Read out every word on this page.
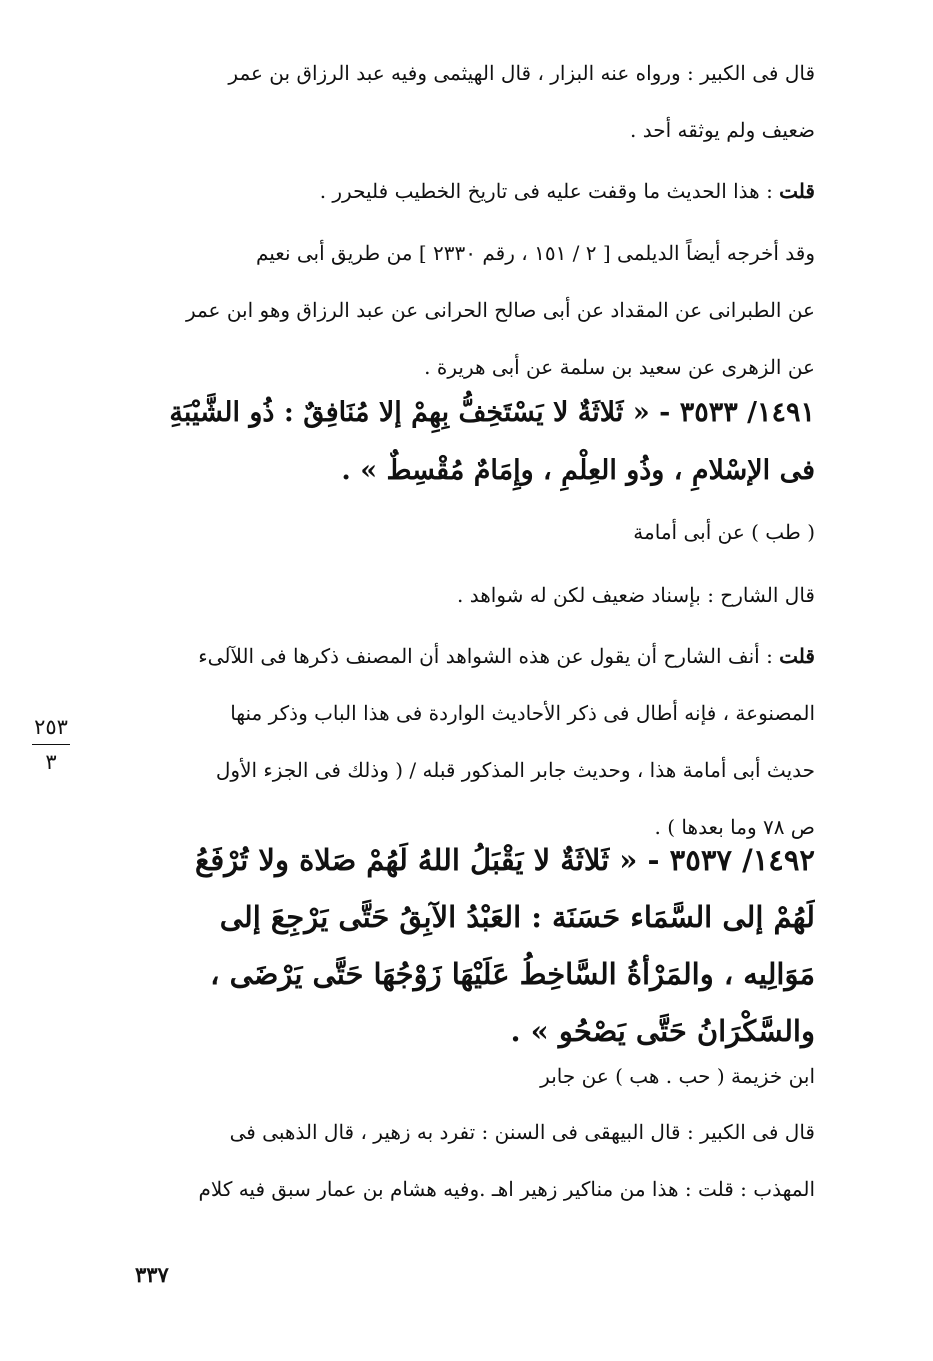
قال فى الكبير : ورواه عنه البزار ، قال الهيثمى وفيه عبد الرزاق بن عمر
ضعيف ولم يوثقه أحد .
قلت : هذا الحديث ما وقفت عليه فى تاريخ الخطيب فليحرر .
وقد أخرجه أيضاً الديلمى [ ٢ / ١٥١ ، رقم ٢٣٣٠ ] من طريق أبى نعيم
عن الطبرانى عن المقداد عن أبى صالح الحرانى عن عبد الرزاق وهو ابن عمر
عن الزهرى عن سعيد بن سلمة عن أبى هريرة .
١٤٩١/ ٣٥٣٣ - « ثَلاثَةٌ لا يَسْتَخِفُّ بِهِمْ إلا مُنَافِقٌ : ذُو الشَّيْبَةِ
فى الإسْلامِ ، وذُو العِلْمِ ، وإِمَامٌ مُقْسِطٌ » .
( طب ) عن أبى أمامة
قال الشارح : بإسناد ضعيف لكن له شواهد .
قلت : أنف الشارح أن يقول عن هذه الشواهد أن المصنف ذكرها فى اللآلىء
المصنوعة ، فإنه أطال فى ذكر الأحاديث الواردة فى هذا الباب وذكر منها
حديث أبى أمامة هذا ، وحديث جابر المذكور قبله / ( وذلك فى الجزء الأول
ص ٧٨ وما بعدها ) .
١٤٩٢/ ٣٥٣٧ - « ثَلاثَةٌ لا يَقْبَلُ اللهُ لَهُمْ صَلاة ولا تُرْفَعُ
لَهُمْ إلى السَّمَاء حَسَنَة : العَبْدُ الآبِقُ حَتَّى يَرْجِعَ إلى
مَوَالِيه ، والمَرْأةُ السَّاخِطُ عَلَيْهَا زَوْجُهَا حَتَّى يَرْضَى ،
والسَّكْرَانُ حَتَّى يَصْحُو » .
ابن خزيمة ( حب . هب ) عن جابر
قال فى الكبير : قال البيهقى فى السنن : تفرد به زهير ، قال الذهبى فى
المهذب : قلت : هذا من مناكير زهير اهـ .وفيه هشام بن عمار سبق فيه كلام
٢٥٣
٣
٣٣٧
